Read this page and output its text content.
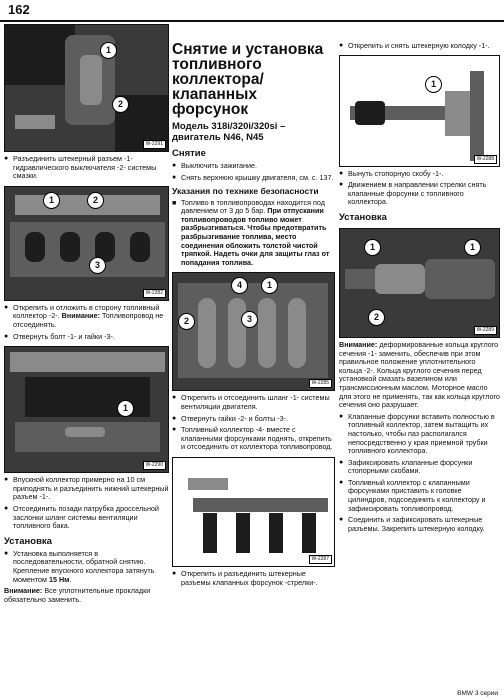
162
1
2
W-2291
● Разъединить штекерный разъем -1- гидравлического выключателя -2- системы смазки.
1	2
3
W-2282
● Открепить и отложить в сторону топливный коллектор -2-. Внимание: Топливопровод не отсоединять.
● Отвернуть болт -1- и гайки -3-.
1
W-2290
● Впускной коллектор примерно на 10 см приподнять и разъединить нижний штекерный разъем -1-.
● Отсоединить позади патрубка дроссельной заслонки шланг системы вентиляции топливного бака.
Установка
● Установка выполняется в последовательности, обратной снятию. Крепление впускного коллектора затянуть моментом 15 Нм.
Внимание: Все уплотнительные прокладки обязательно заменить.
Снятие и установка топливного коллектора/ клапанных форсунок
Модель 318i/320i/320si –
двигатель N46, N45
Снятие
● Выключить зажигание.
● Снять верхнюю крышку двигателя, см. с. 137.
Указания по технике безопасности
■ Топливо в топливопроводах находится под давлением от 3 до 5 бар. При отпускании топливопроводов топливо может разбрызгиваться. Чтобы предотвратить разбрызгивание топлива, место соединения обложить толстой чистой тряпкой. Надеть очки для защиты глаз от попадания топлива.
4	1
2	3
W-2285
● Открепить и отсоединить шланг -1- системы вентиляции двигателя.
● Отвернуть гайки -2- и болты -3-.
● Топливный коллектор -4- вместе с клапанными форсунками поднять, открепить и отсоединить от коллектора топливопровод.
W-2287
● Открепить и разъединить штекерные разъемы клапанных форсунок -стрелки-.
● Открепить и снять штекерную колодку -1-.
1
W-2288
● Вынуть стопорную скобу -1-.
● Движением в направлении стрелки снять клапанные форсунки с топливного коллектора.
Установка
1	1
2
W-2289
Внимание: деформированные кольца круглого сечения -1- заменить, обеспечив при этом правильное положение уплотнительного кольца -2-. Кольца круглого сечения перед установкой смазать вазелином или трансмиссионным маслом. Моторное масло для этого не применять, так как кольца круглого сечения оно разрушает.
● Клапанные форсунки вставить полностью в топливный коллектор, затем вытащить их настолько, чтобы паз располагался непосредственно у края приемной трубки топливного коллектора.
● Зафиксировать клапанные форсунки стопорными скобами.
● Топливный коллектор с клапанными форсунками приставить к головке цилиндров, подсоединить к коллектору и зафиксировать топливопровод.
● Соединить и зафиксировать штекерные разъемы. Закрепить штекерную колодку.
BMW 3 серии
